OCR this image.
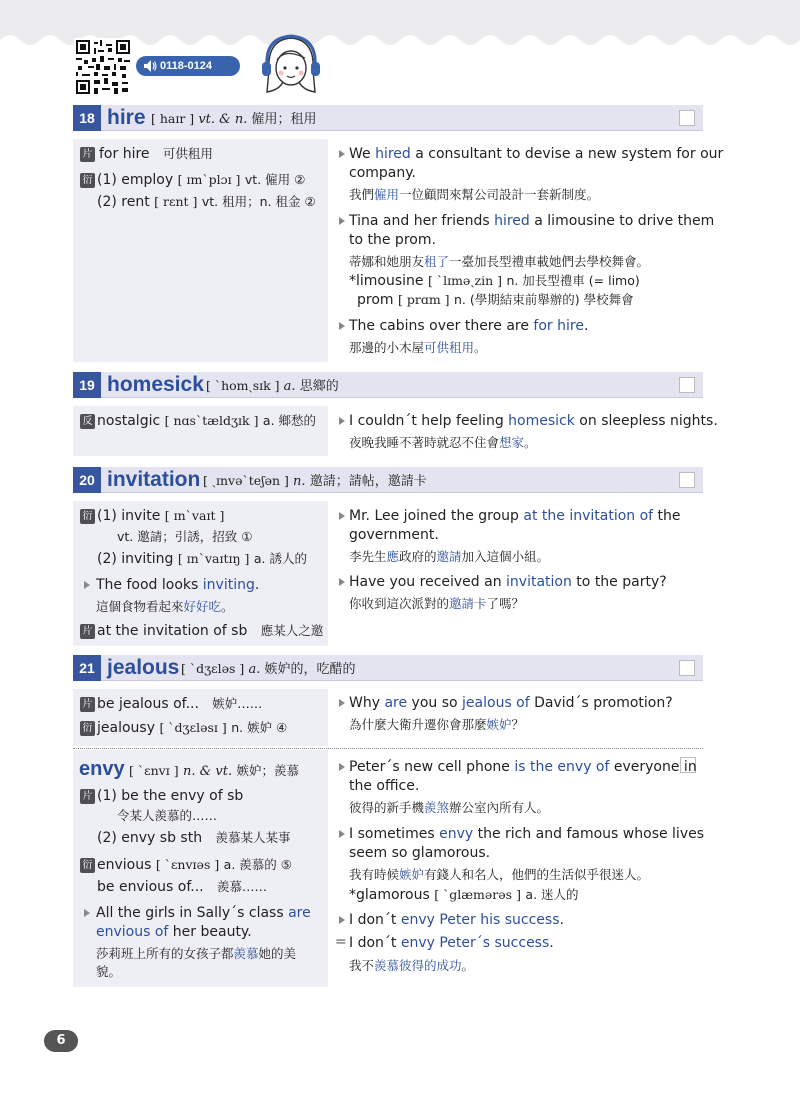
0118-0124
18 hire [ haɪr ] vt. & n. 僱用；租用
片 for hire 可供租用
衍 (1) employ [ ɪmˋplɔɪ ] vt. 僱用 ②
(2) rent [ rɛnt ] vt. 租用；n. 租金 ②
We hired a consultant to devise a new system for our
company.
我們僱用一位顧問來幫公司設計一套新制度。
Tina and her friends hired a limousine to drive them
to the prom.
蒂娜和她朋友租了一臺加長型禮車載她們去學校舞會。
*limousine [ ˋlɪməˏzin ] n. 加長型禮車 (= limo)
prom [ prɑm ] n. (學期結束前舉辦的) 學校舞會
The cabins over there are for hire.
那邊的小木屋可供租用。
19 homesick [ ˋhomˏsɪk ] a. 思鄉的
反 nostalgic [ nɑsˋtældʒɪk ] a. 鄉愁的 I couldnˊt help feeling homesick on sleepless nights.
夜晚我睡不著時就忍不住會想家。
20 invitation [ ˏɪnvəˋteʃən ] n. 邀請；請帖，邀請卡
衍 (1) invite [ ɪnˋvaɪt ]
vt. 邀請；引誘，招致 ①
(2) inviting [ ɪnˋvaɪtɪŋ ] a. 誘人的
The food looks inviting.
這個食物看起來好好吃。
片 at the invitation of sb 應某人之邀
Mr. Lee joined the group at the invitation of the
government.
李先生應政府的邀請加入這個小組。
Have you received an invitation to the party?
你收到這次派對的邀請卡了嗎？
21 jealous [ ˋdʒɛləs ] a. 嫉妒的，吃醋的
片 be jealous of... 嫉妒……
衍 jealousy [ ˋdʒɛləsɪ ] n. 嫉妒 ④
Why are you so jealous of Davidˊs promotion?
為什麼大衛升遷你會那麼嫉妒？
envy [ ˋɛnvɪ ] n. & vt. 嫉妒；羨慕
片 (1) be the envy of sb
令某人羨慕的……
(2) envy sb sth 羨慕某人某事
衍 envious [ ˋɛnvɪəs ] a. 羨慕的 ⑤
be envious of... 羨慕……
All the girls in Sallyˊs class are
envious of her beauty.
莎莉班上所有的女孩子都羨慕她的美
貌。
Peterˊs new cell phone is the envy of everyone in
the office.
彼得的新手機羨煞辦公室內所有人。
I sometimes envy the rich and famous whose lives
seem so glamorous.
我有時候嫉妒有錢人和名人，他們的生活似乎很迷人。
*glamorous [ ˋglæmərəs ] a. 迷人的
I donˊt envy Peter his success.
= I donˊt envy Peterˊs success.
我不羨慕彼得的成功。
6
